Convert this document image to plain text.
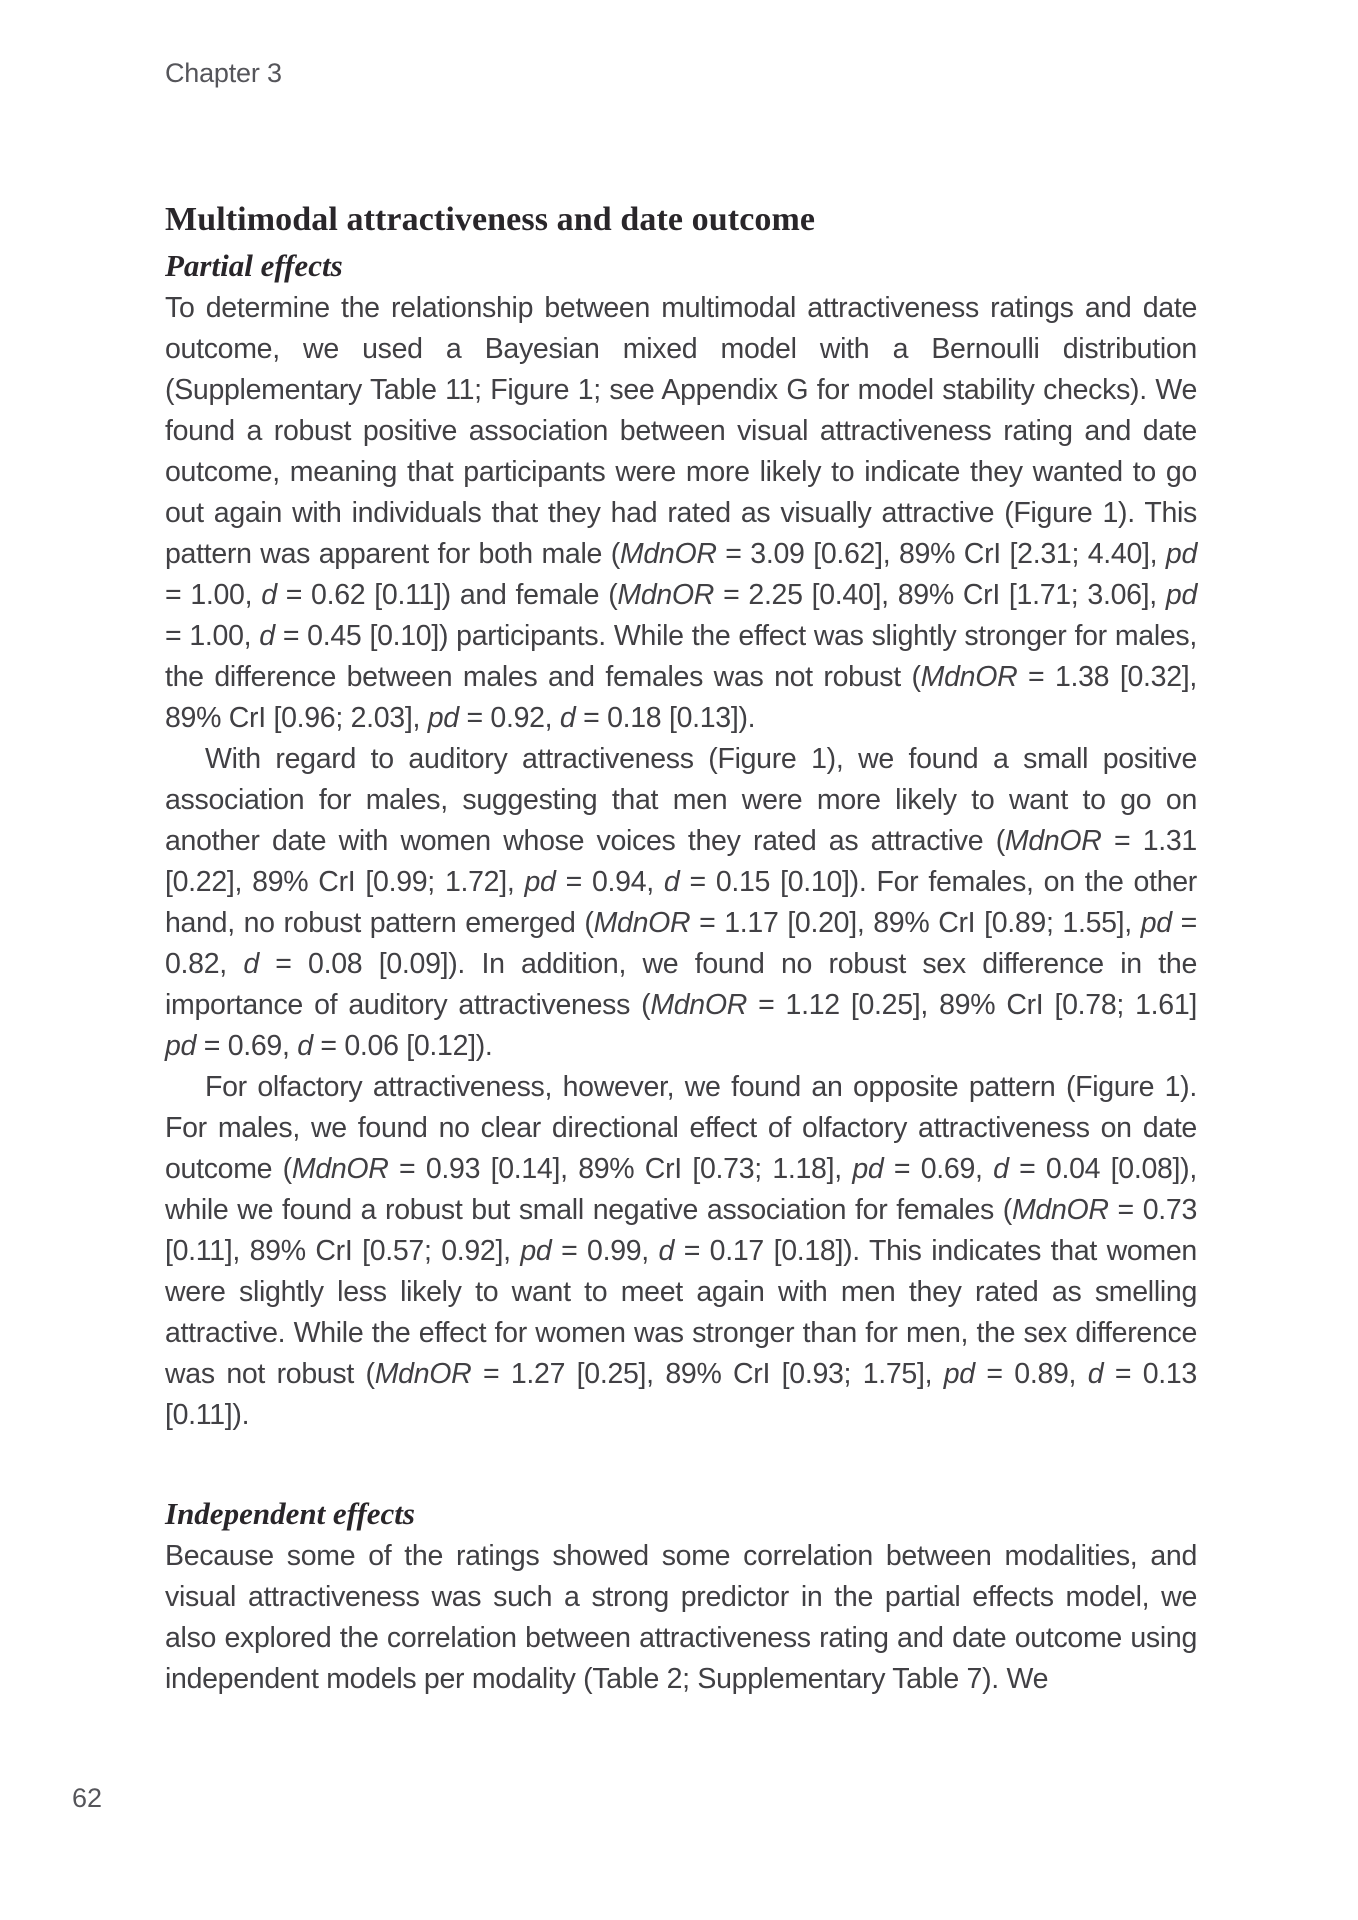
Chapter 3
Multimodal attractiveness and date outcome
Partial effects

To determine the relationship between multimodal attractiveness ratings and date outcome, we used a Bayesian mixed model with a Bernoulli distribution (Supplementary Table 11; Figure 1; see Appendix G for model stability checks). We found a robust positive association between visual attractiveness rating and date outcome, meaning that participants were more likely to indicate they wanted to go out again with individuals that they had rated as visually attractive (Figure 1). This pattern was apparent for both male (MdnOR = 3.09 [0.62], 89% CrI [2.31; 4.40], pd = 1.00, d = 0.62 [0.11]) and female (MdnOR = 2.25 [0.40], 89% CrI [1.71; 3.06], pd = 1.00, d = 0.45 [0.10]) participants. While the effect was slightly stronger for males, the difference between males and females was not robust (MdnOR = 1.38 [0.32], 89% CrI [0.96; 2.03], pd = 0.92, d = 0.18 [0.13]).

With regard to auditory attractiveness (Figure 1), we found a small positive association for males, suggesting that men were more likely to want to go on another date with women whose voices they rated as attractive (MdnOR = 1.31 [0.22], 89% CrI [0.99; 1.72], pd = 0.94, d = 0.15 [0.10]). For females, on the other hand, no robust pattern emerged (MdnOR = 1.17 [0.20], 89% CrI [0.89; 1.55], pd = 0.82, d = 0.08 [0.09]). In addition, we found no robust sex difference in the importance of auditory attractiveness (MdnOR = 1.12 [0.25], 89% CrI [0.78; 1.61] pd = 0.69, d = 0.06 [0.12]).

For olfactory attractiveness, however, we found an opposite pattern (Figure 1). For males, we found no clear directional effect of olfactory attractiveness on date outcome (MdnOR = 0.93 [0.14], 89% CrI [0.73; 1.18], pd = 0.69, d = 0.04 [0.08]), while we found a robust but small negative association for females (MdnOR = 0.73 [0.11], 89% CrI [0.57; 0.92], pd = 0.99, d = 0.17 [0.18]). This indicates that women were slightly less likely to want to meet again with men they rated as smelling attractive. While the effect for women was stronger than for men, the sex difference was not robust (MdnOR = 1.27 [0.25], 89% CrI [0.93; 1.75], pd = 0.89, d = 0.13 [0.11]).

Independent effects

Because some of the ratings showed some correlation between modalities, and visual attractiveness was such a strong predictor in the partial effects model, we also explored the correlation between attractiveness rating and date outcome using independent models per modality (Table 2; Supplementary Table 7). We

62
